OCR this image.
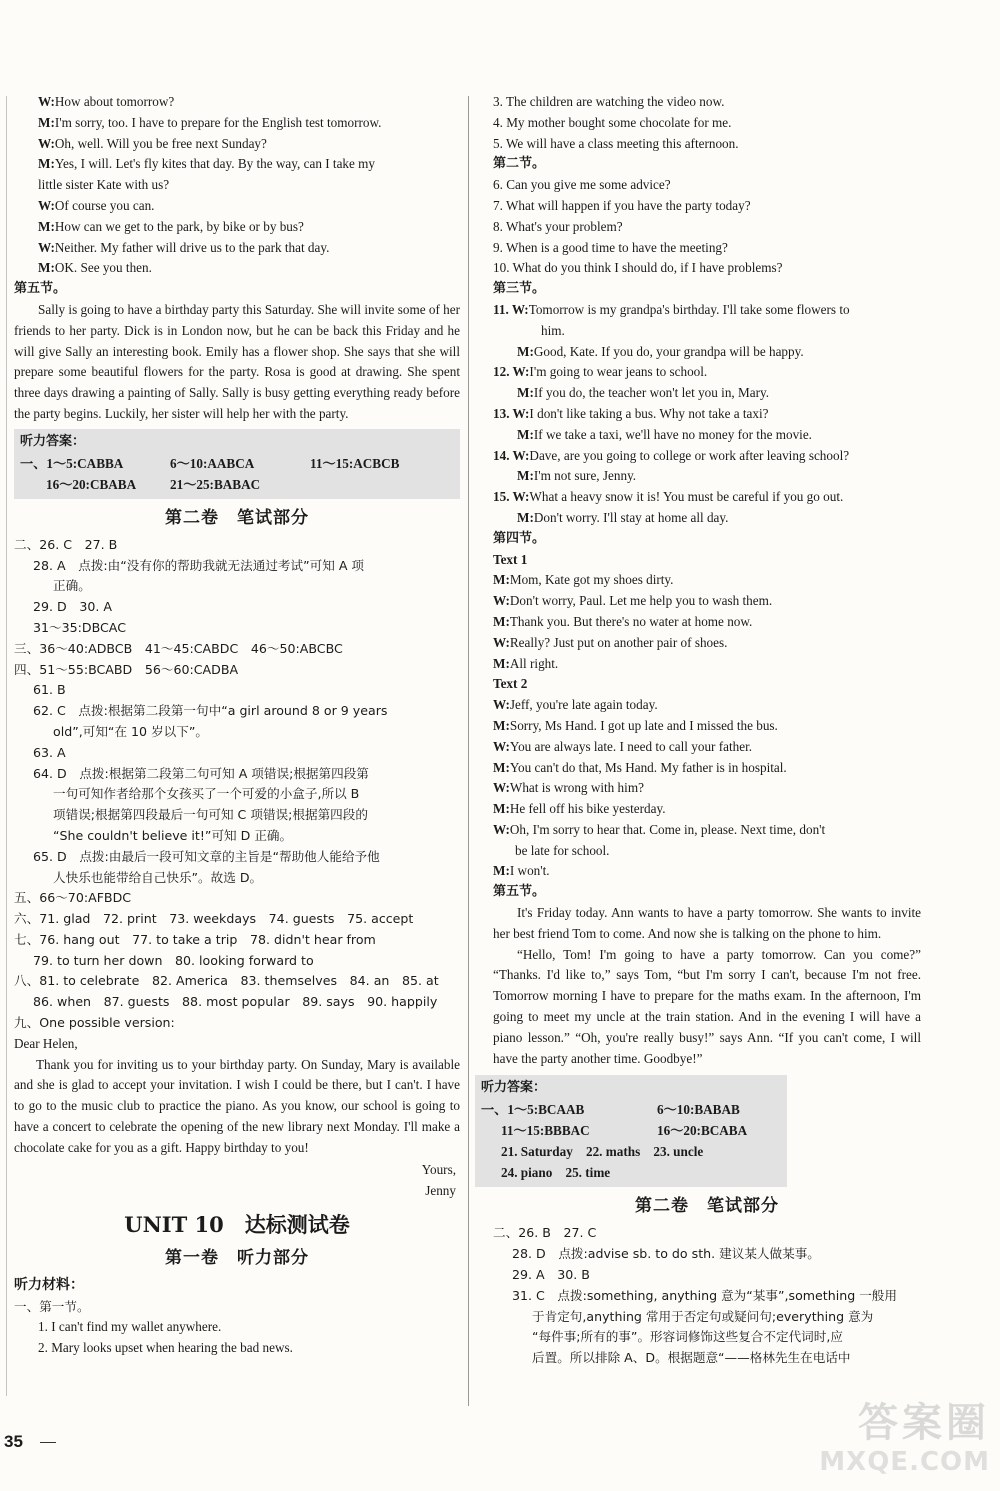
W:How about tomorrow?
M:I'm sorry, too. I have to prepare for the English test tomorrow.
W:Oh, well. Will you be free next Sunday?
M:Yes, I will. Let's fly kites that day. By the way, can I take my
little sister Kate with us?
W:Of course you can.
M:How can we get to the park, by bike or by bus?
W:Neither. My father will drive us to the park that day.
M:OK. See you then.
第五节。

Sally is going to have a birthday party this Saturday. She will invite some of her friends to her party. Dick is in London now, but he can be back this Friday and he will give Sally an interesting book. Emily has a flower shop. She says that she will prepare some beautiful flowers for the party. Rosa is good at drawing. She spent three days drawing a painting of Sally. Sally is busy getting everything ready before the party begins. Luckily, her sister will help her with the party.

听力答案：
一、1～5:CABBA	6～10:AABCA	11～15:ACBCB
16～20:CBABA	21～25:BABAC
第二卷　笔试部分
二、26. C　27. B
28. A　点拨:由“没有你的帮助我就无法通过考试”可知 A 项
正确。
29. D　30. A
31～35:DBCAC
三、36～40:ADBCB　41～45:CABDC　46～50:ABCBC
四、51～55:BCABD　56～60:CADBA
61. B
62. C　点拨:根据第二段第一句中“a girl around 8 or 9 years
old”,可知“在 10 岁以下”。
63. A
64. D　点拨:根据第二段第二句可知 A 项错误;根据第四段第
一句可知作者给那个女孩买了一个可爱的小盒子,所以 B
项错误;根据第四段最后一句可知 C 项错误;根据第四段的
“She couldn't believe it!”可知 D 正确。
65. D　点拨:由最后一段可知文章的主旨是“帮助他人能给予他
人快乐也能带给自己快乐”。故选 D。
五、66～70:AFBDC
六、71. glad　72. print　73. weekdays　74. guests　75. accept
七、76. hang out　77. to take a trip　78. didn't hear from
79. to turn her down　80. looking forward to
八、81. to celebrate　82. America　83. themselves　84. an　85. at
86. when　87. guests　88. most popular　89. says　90. happily
九、One possible version:
Dear Helen,

Thank you for inviting us to your birthday party. On Sunday, Mary is available and she is glad to accept your invitation. I wish I could be there, but I can't. I have to go to the music club to practice the piano. As you know, our school is going to have a concert to celebrate the opening of the new library next Monday. I'll make a chocolate cake for you as a gift. Happy birthday to you!

Yours,
Jenny
UNIT 10　达标测试卷
第一卷　听力部分
听力材料：
一、第一节。
1. I can't find my wallet anywhere.
2. Mary looks upset when hearing the bad news.
3. The children are watching the video now.
4. My mother bought some chocolate for me.
5. We will have a class meeting this afternoon.
第二节。
6. Can you give me some advice?
7. What will happen if you have the party today?
8. What's your problem?
9. When is a good time to have the meeting?
10. What do you think I should do, if I have problems?
第三节。
11. W:Tomorrow is my grandpa's birthday. I'll take some flowers to
him.
M:Good, Kate. If you do, your grandpa will be happy.
12. W:I'm going to wear jeans to school.
M:If you do, the teacher won't let you in, Mary.
13. W:I don't like taking a bus. Why not take a taxi?
M:If we take a taxi, we'll have no money for the movie.
14. W:Dave, are you going to college or work after leaving school?
M:I'm not sure, Jenny.
15. W:What a heavy snow it is! You must be careful if you go out.
M:Don't worry. I'll stay at home all day.
第四节。
Text 1
M:Mom, Kate got my shoes dirty.
W:Don't worry, Paul. Let me help you to wash them.
M:Thank you. But there's no water at home now.
W:Really? Just put on another pair of shoes.
M:All right.
Text 2
W:Jeff, you're late again today.
M:Sorry, Ms Hand. I got up late and I missed the bus.
W:You are always late. I need to call your father.
M:You can't do that, Ms Hand. My father is in hospital.
W:What is wrong with him?
M:He fell off his bike yesterday.
W:Oh, I'm sorry to hear that. Come in, please. Next time, don't
be late for school.
M:I won't.
第五节。

It's Friday today. Ann wants to have a party tomorrow. She wants to invite her best friend Tom to come. And now she is talking on the phone to him.

“Hello, Tom! I'm going to have a party tomorrow. Can you come?” “Thanks. I'd like to,” says Tom, “but I'm sorry I can't, because I'm not free. Tomorrow morning I have to prepare for the maths exam. In the afternoon, I'm going to meet my uncle at the train station. And in the evening I will have a piano lesson.” “Oh, you're really busy!” says Ann. “If you can't come, I will have the party another time. Goodbye!”

听力答案：
一、1～5:BCAAB	6～10:BABAB
11～15:BBBAC	16～20:BCABA
21. Saturday　22. maths　23. uncle
24. piano　25. time
第二卷　笔试部分
二、26. B　27. C
28. D　点拨:advise sb. to do sth. 建议某人做某事。
29. A　30. B
31. C　点拨:something, anything 意为“某事”,something 一般用
于肯定句,anything 常用于否定句或疑问句;everything 意为
“每件事;所有的事”。形容词修饰这些复合不定代词时,应
后置。所以排除 A、D。根据题意“——格林先生在电话中
35	答案圈
MXQE.COM
